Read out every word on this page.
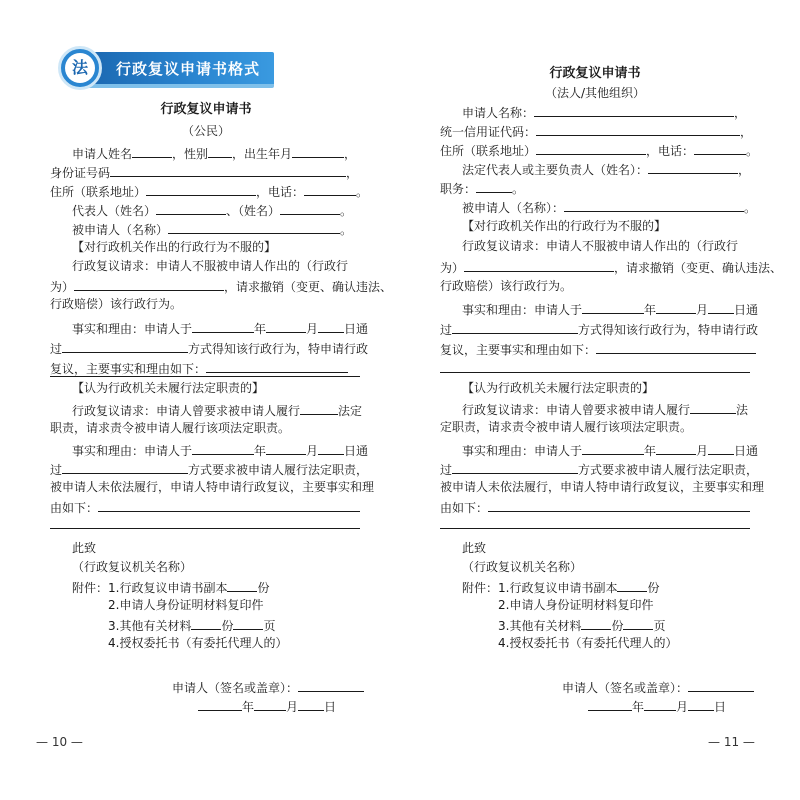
法 行政复议申请书格式
行政复议申请书
（公民）
申请人姓名	，性别 ，出生年月	，
身份证号码	，
住所（联系地址）	，电话：	。
代表人（姓名）	、（姓名）	。
被申请人（名称）	。
【对行政机关作出的行政行为不服的】
行政复议请求：申请人不服被申请人作出的（行政行
为）	，请求撤销（变更、确认违法、
行政赔偿）该行政行为。
事实和理由：申请人于	年	月 日通
过	方式得知该行政行为，特申请行政
复议，主要事实和理由如下：
【认为行政机关未履行法定职责的】
行政复议请求：申请人曾要求被申请人履行	法定
职责，请求责令被申请人履行该项法定职责。
事实和理由：申请人于	年	月 日通
过	方式要求被申请人履行法定职责，
被申请人未依法履行，申请人特申请行政复议，主要事实和理
由如下：
此致
（行政复议机关名称）
附件：1.行政复议申请书副本	份
2.申请人身份证明材料复印件
3.其他有关材料	份	页
4.授权委托书（有委托代理人的）
申请人（签名或盖章）：
年	月 日
— 10 —
行政复议申请书
（法人/其他组织）
申请人名称：	，
统一信用证代码：	，
住所（联系地址）	，电话：	。
法定代表人或主要负责人（姓名）：	，
职务：	。
被申请人（名称）：	。
【对行政机关作出的行政行为不服的】
行政复议请求：申请人不服被申请人作出的（行政行
为）	，请求撤销（变更、确认违法、
行政赔偿）该行政行为。
事实和理由：申请人于	年	月 日通
过	方式得知该行政行为，特申请行政
复议，主要事实和理由如下：
【认为行政机关未履行法定职责的】
行政复议请求：申请人曾要求被申请人履行	法
定职责，请求责令被申请人履行该项法定职责。
事实和理由：申请人于	年	月 日通
过	方式要求被申请人履行法定职责，
被申请人未依法履行，申请人特申请行政复议，主要事实和理
由如下：
此致
（行政复议机关名称）
附件：1.行政复议申请书副本	份
2.申请人身份证明材料复印件
3.其他有关材料	份	页
4.授权委托书（有委托代理人的）
申请人（签名或盖章）：
年	月 日
— 11 —
